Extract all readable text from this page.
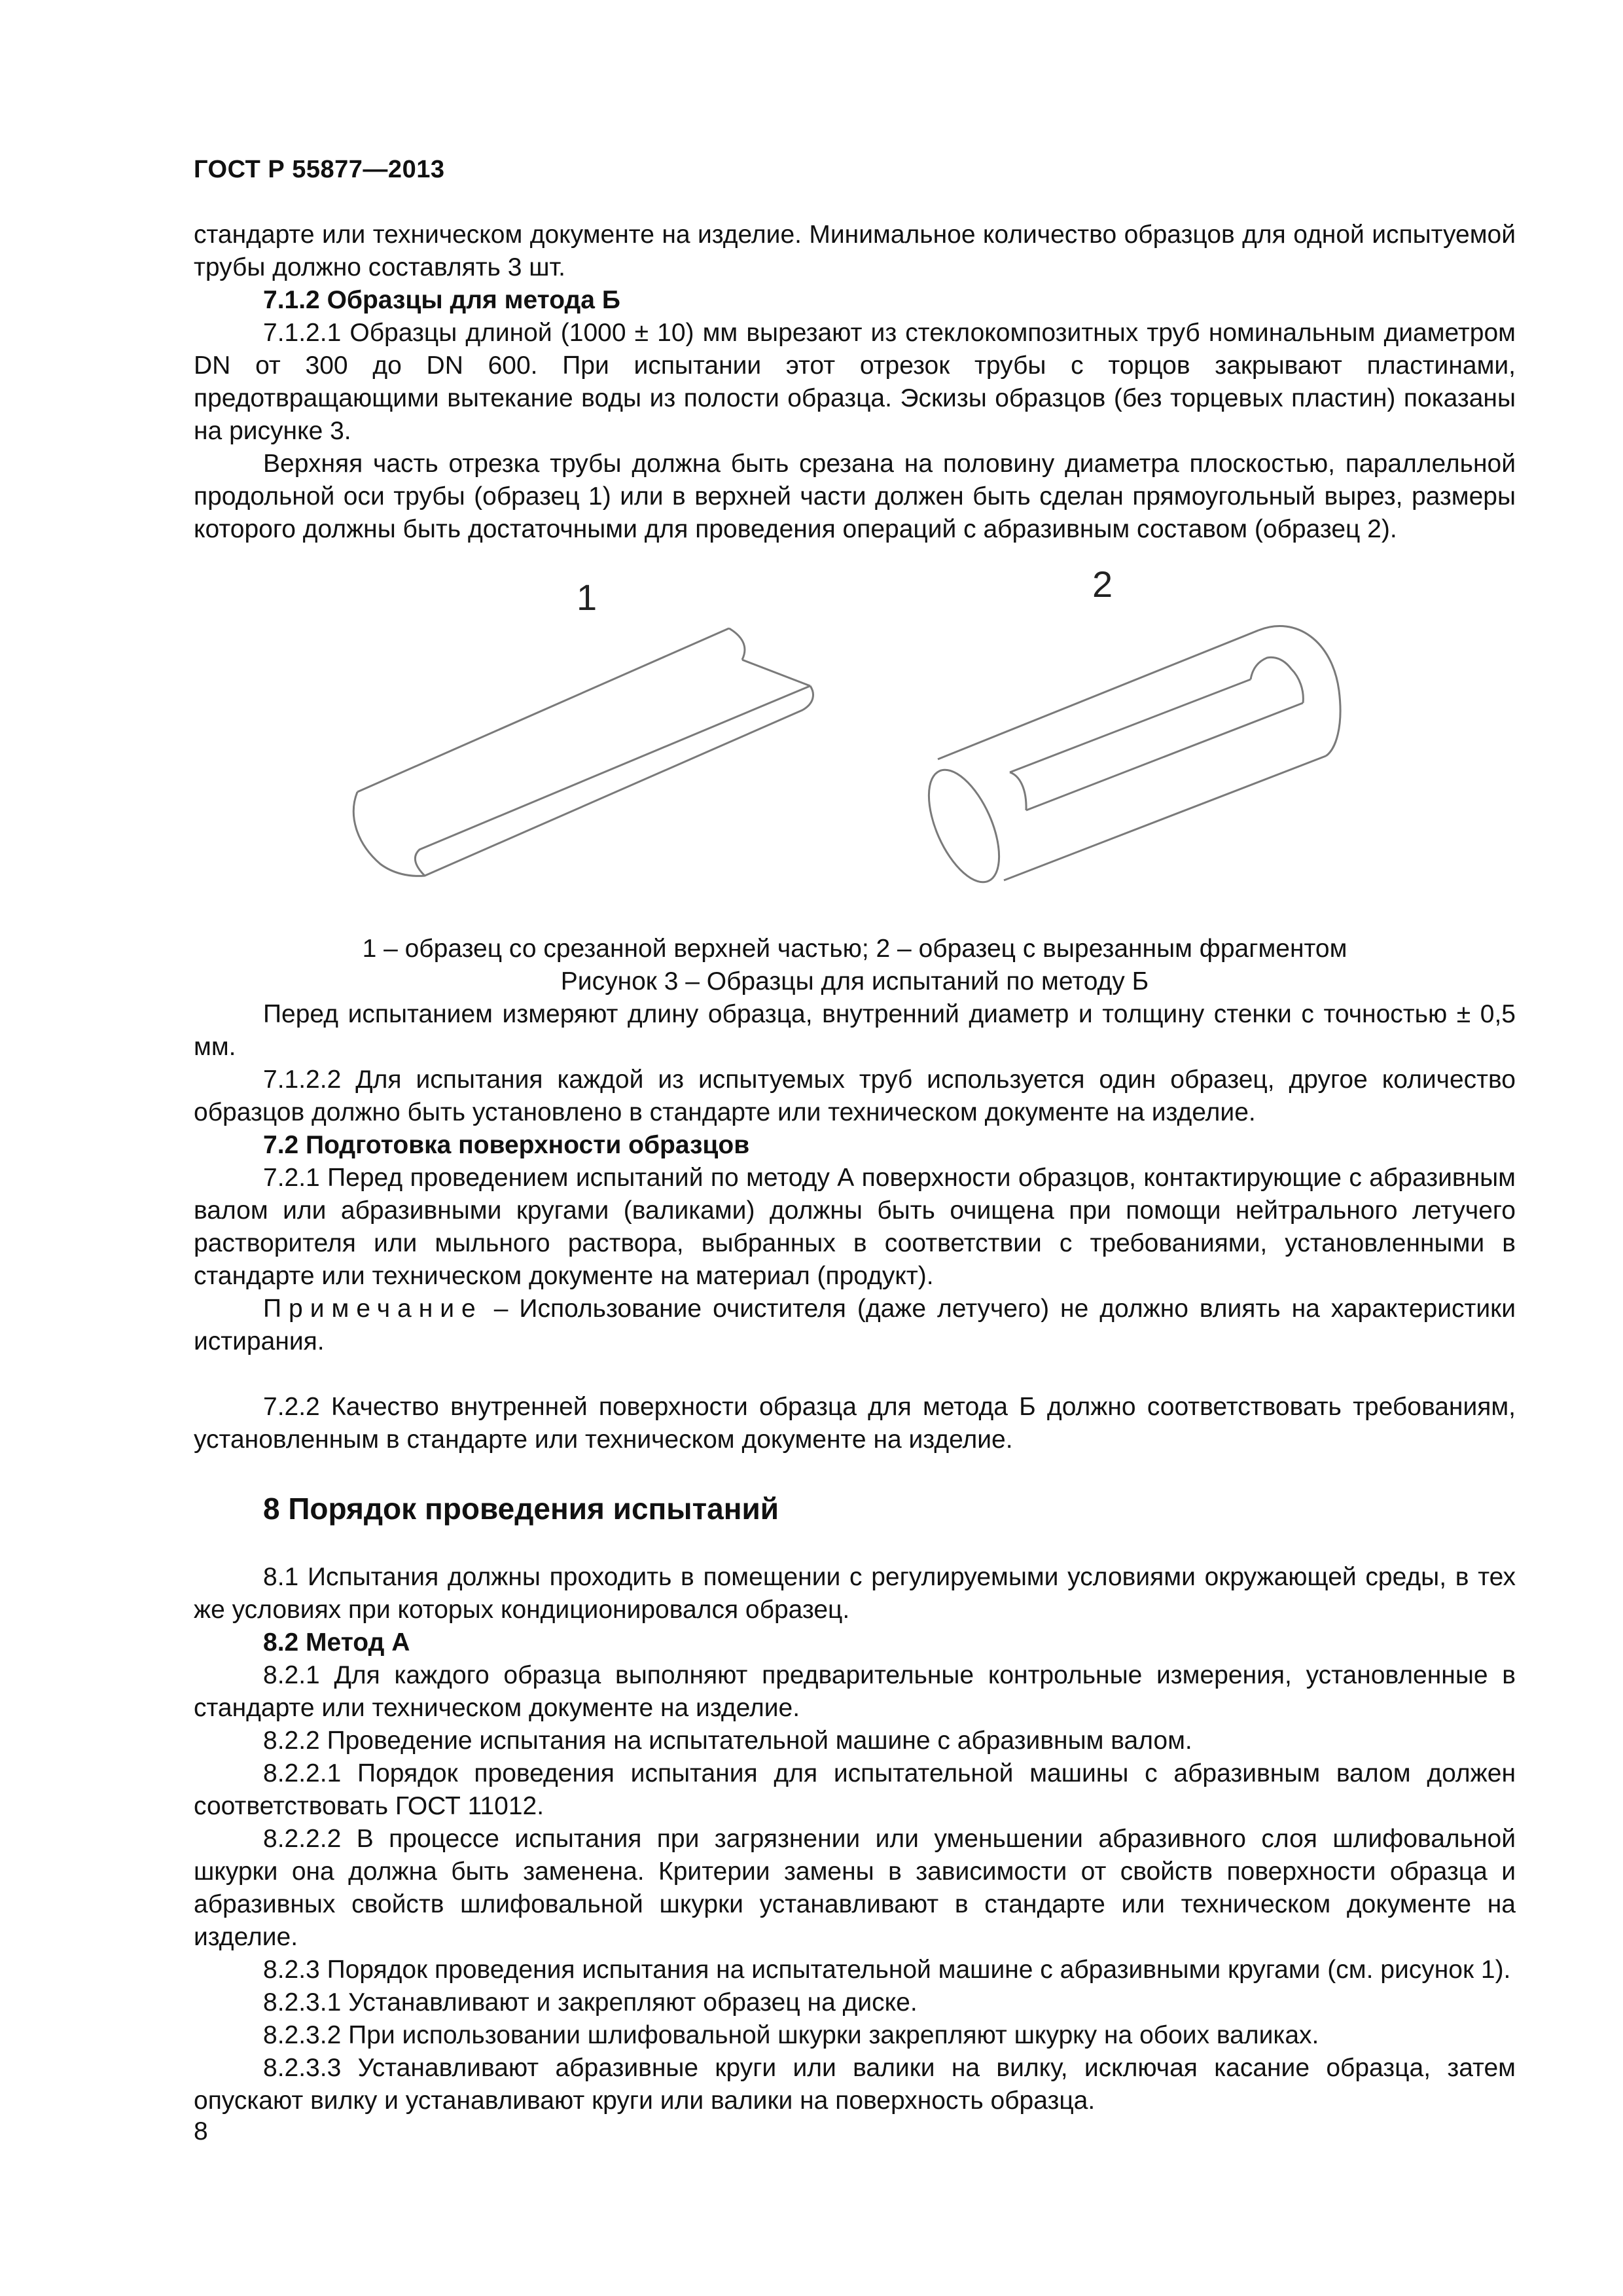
ГОСТ Р 55877—2013

стандарте или техническом документе на изделие. Минимальное количество образцов для одной испытуемой трубы должно составлять 3 шт.

7.1.2 Образцы для метода Б

7.1.2.1 Образцы длиной (1000 ± 10) мм вырезают из стеклокомпозитных труб номинальным диаметром DN от 300 до DN 600. При испытании этот отрезок трубы с торцов закрывают пластинами, предотвращающими вытекание воды из полости образца. Эскизы образцов (без торцевых пластин) показаны на рисунке 3.

Верхняя часть отрезка трубы должна быть срезана на половину диаметра плоскостью, параллельной продольной оси трубы (образец 1) или в верхней части должен быть сделан прямоугольный вырез, размеры которого должны быть достаточными для проведения операций с абразивным составом (образец 2).

1	2

1 – образец со срезанной верхней частью; 2 – образец с вырезанным фрагментом

Рисунок 3 – Образцы для испытаний по методу Б

Перед испытанием измеряют длину образца, внутренний диаметр и толщину стенки с точностью ± 0,5 мм.

7.1.2.2 Для испытания каждой из испытуемых труб используется один образец, другое количество образцов должно быть установлено в стандарте или техническом документе на изделие.

7.2 Подготовка поверхности образцов

7.2.1 Перед проведением испытаний по методу А поверхности образцов, контактирующие с абразивным валом или абразивными кругами (валиками) должны быть очищена при помощи нейтрального летучего растворителя или мыльного раствора, выбранных в соответствии с требованиями, установленными в стандарте или техническом документе на материал (продукт).

Примечание – Использование очистителя (даже летучего) не должно влиять на характеристики истирания.

7.2.2 Качество внутренней поверхности образца для метода Б должно соответствовать требованиям, установленным в стандарте или техническом документе на изделие.

8 Порядок проведения испытаний

8.1 Испытания должны проходить в помещении с регулируемыми условиями окружающей среды, в тех же условиях при которых кондиционировался образец.

8.2 Метод А

8.2.1 Для каждого образца выполняют предварительные контрольные измерения, установленные в стандарте или техническом документе на изделие.

8.2.2 Проведение испытания на испытательной машине с абразивным валом.

8.2.2.1 Порядок проведения испытания для испытательной машины с абразивным валом должен соответствовать ГОСТ 11012.

8.2.2.2 В процессе испытания при загрязнении или уменьшении абразивного слоя шлифовальной шкурки она должна быть заменена. Критерии замены в зависимости от свойств поверхности образца и абразивных свойств шлифовальной шкурки устанавливают в стандарте или техническом документе на изделие.

8.2.3 Порядок проведения испытания на испытательной машине с абразивными кругами (см. рисунок 1).

8.2.3.1 Устанавливают и закрепляют образец на диске.

8.2.3.2 При использовании шлифовальной шкурки закрепляют шкурку на обоих валиках.

8.2.3.3 Устанавливают абразивные круги или валики на вилку, исключая касание образца, затем опускают вилку и устанавливают круги или валики на поверхность образца.

8
